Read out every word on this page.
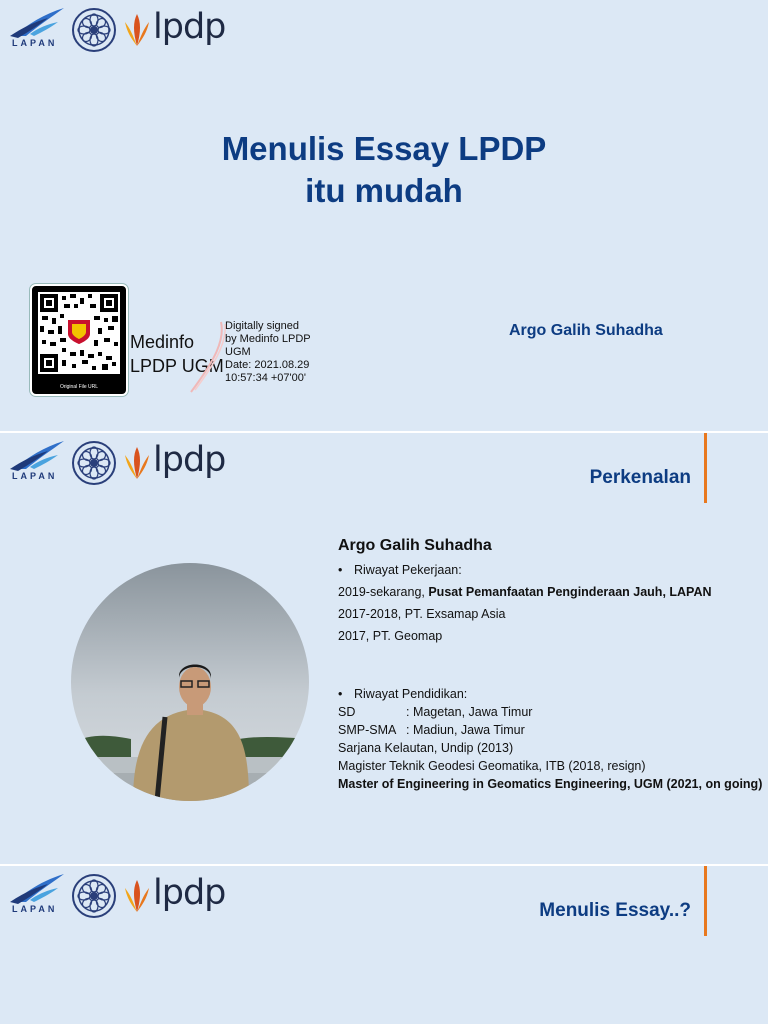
LAPAN	lpdp
Menulis Essay LPDP
itu mudah
Original File URL
Medinfo
LPDP UGM
Digitally signed
by Medinfo LPDP
UGM
Date: 2021.08.29
10:57:34 +07'00'
Argo Galih Suhadha
LAPAN	lpdp	Perkenalan
Argo Galih Suhadha
• Riwayat Pekerjaan:
2019-sekarang, Pusat Pemanfaatan Penginderaan Jauh, LAPAN
2017-2018, PT. Exsamap Asia
2017, PT. Geomap
• Riwayat Pendidikan:
SD	: Magetan, Jawa Timur
SMP-SMA : Madiun, Jawa Timur
Sarjana Kelautan, Undip (2013)
Magister Teknik Geodesi Geomatika, ITB (2018, resign)
Master of Engineering in Geomatics Engineering, UGM (2021, on going)
LAPAN	lpdp	Menulis Essay..?
